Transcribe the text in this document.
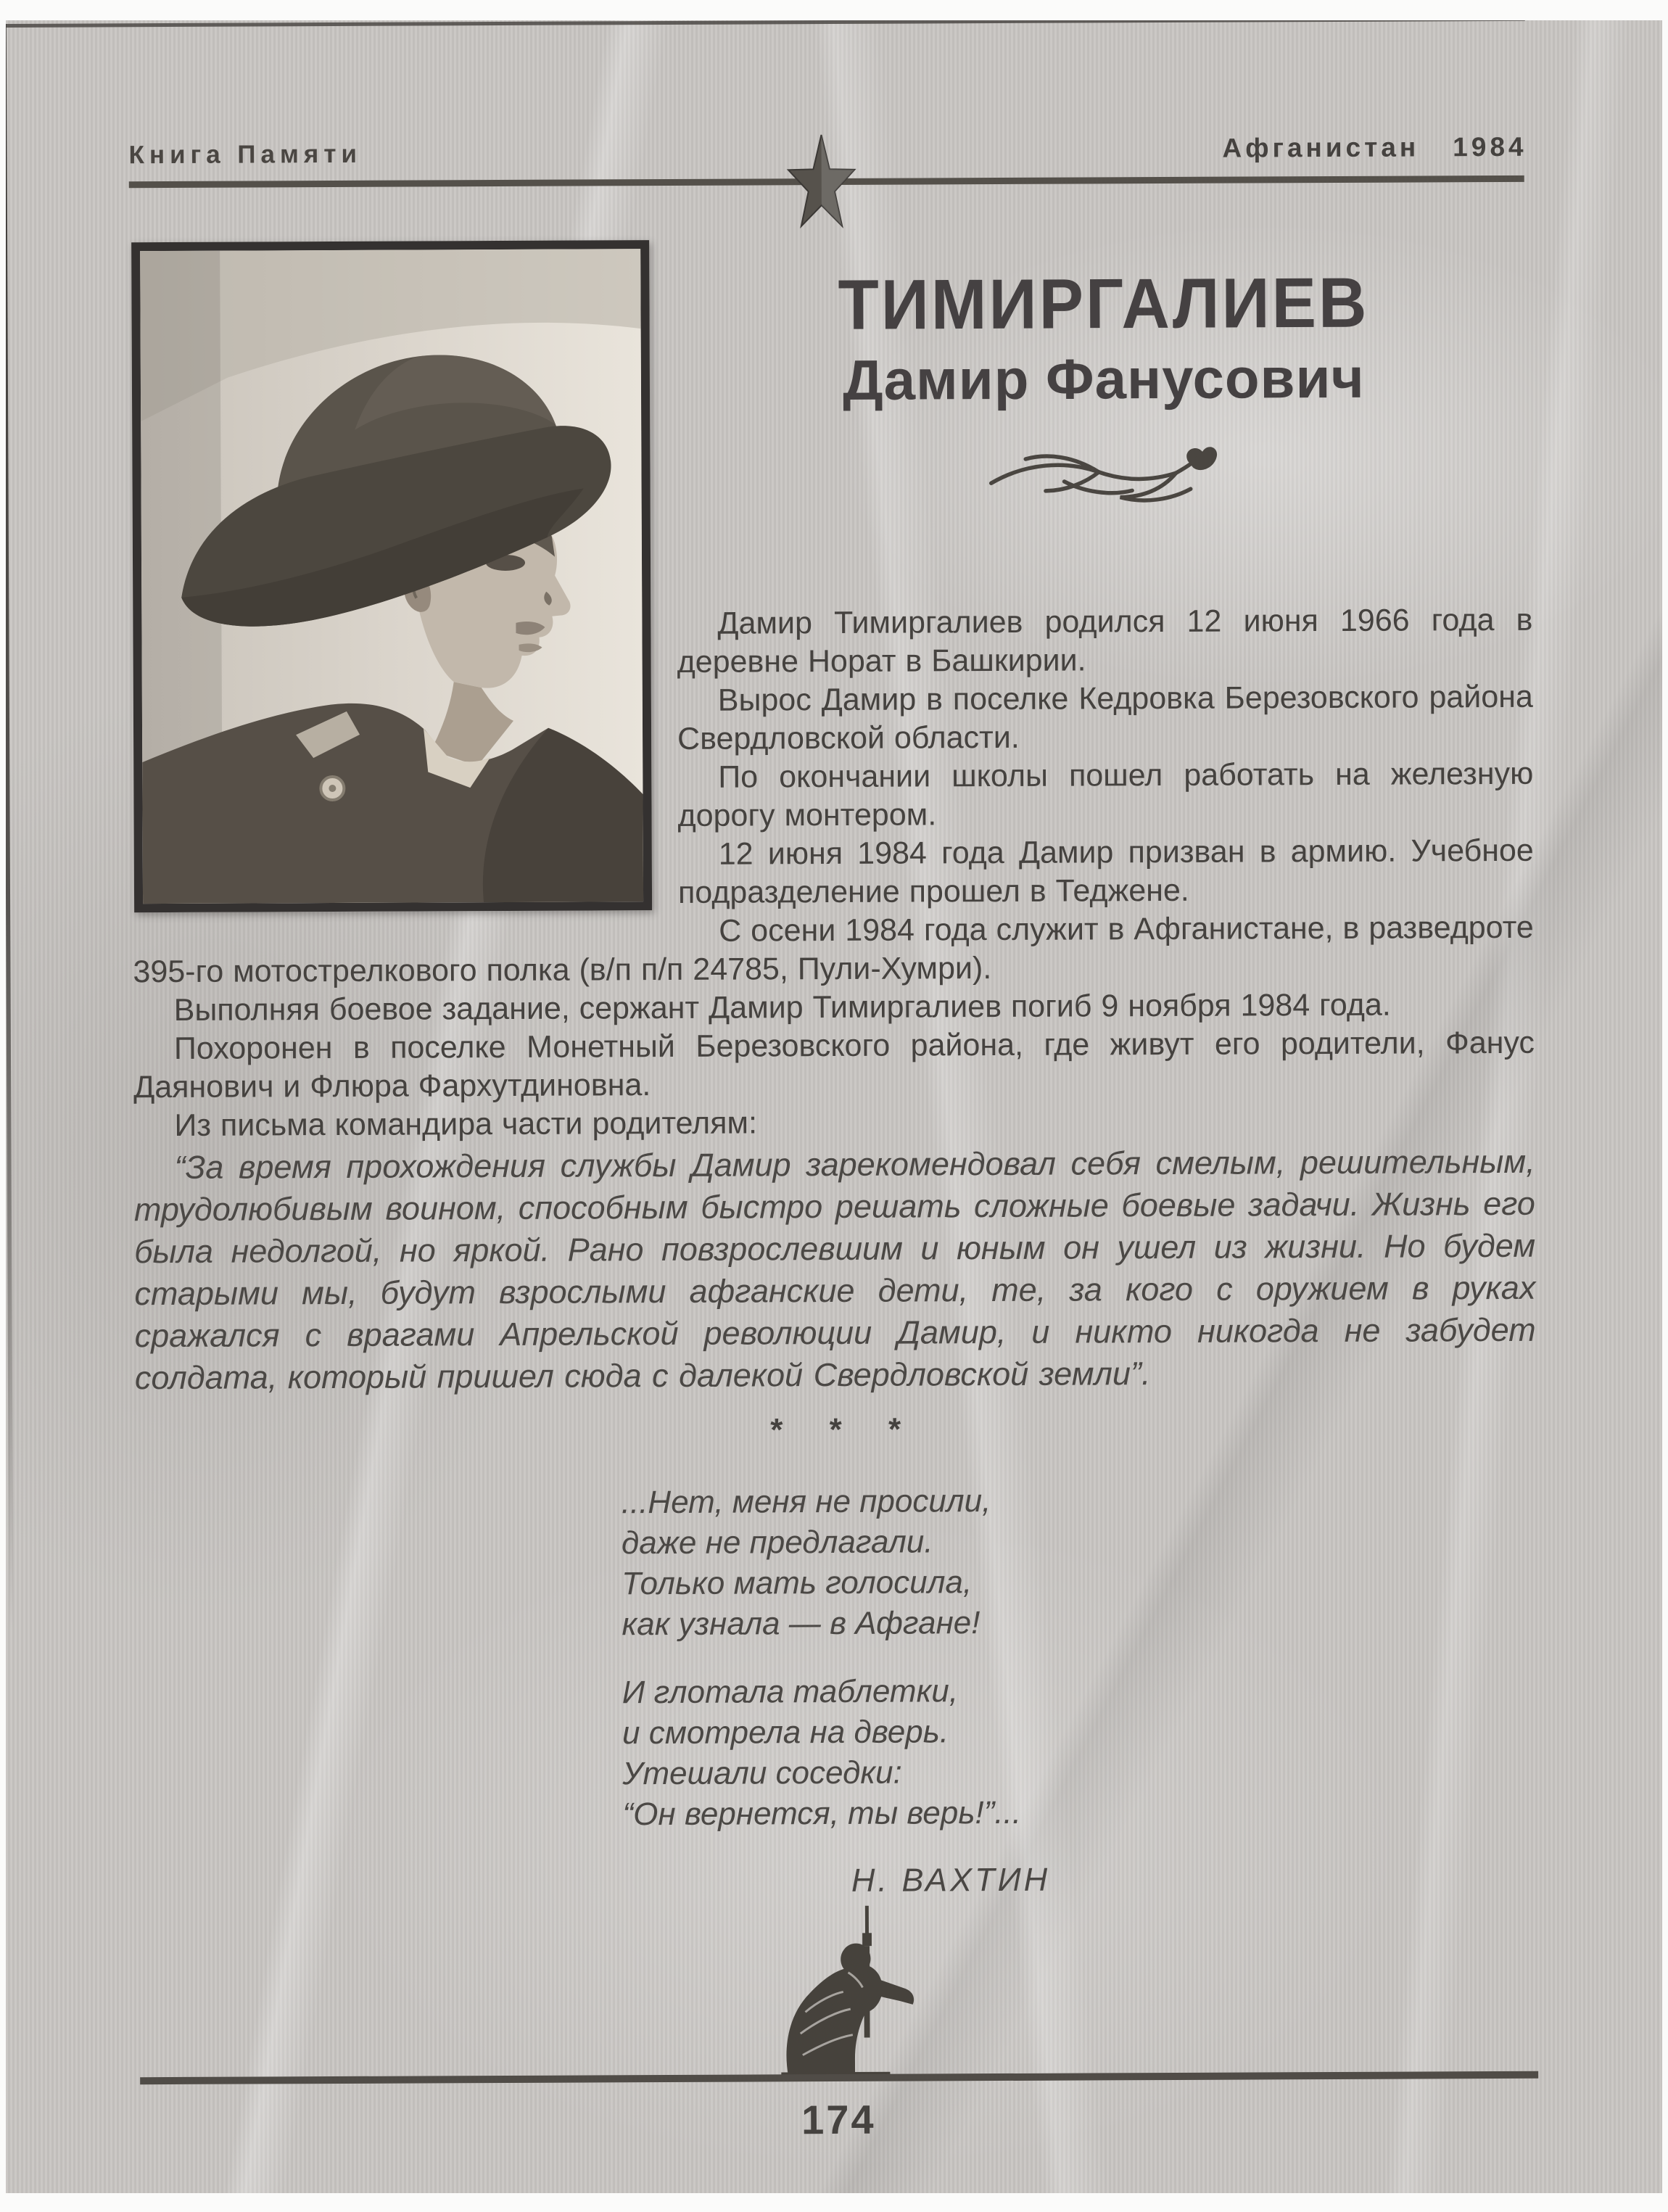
Книга Памяти	Афганистан 1984
ТИМИРГАЛИЕВ
Дамир Фанусович

Дамир Тимиргалиев родился 12 июня 1966 года в деревне Норат в Башкирии.

Вырос Дамир в поселке Кедровка Березовского района Свердловской области.

По окончании школы пошел работать на железную дорогу монтером.

12 июня 1984 года Дамир призван в армию. Учебное подразделение прошел в Теджене.

С осени 1984 года служит в Афганистане, в разведроте

395-го мотострелкового полка (в/п п/п 24785, Пули-Хумри).

Выполняя боевое задание, сержант Дамир Тимиргалиев погиб 9 ноября 1984 года.

Похоронен в поселке Монетный Березовского района, где живут его родители, Фанус Даянович и Флюра Фархутдиновна.

Из письма командира части родителям:

“За время прохождения службы Дамир зарекомендовал себя смелым, решительным, трудолюбивым воином, способным быстро решать сложные боевые задачи. Жизнь его была недолгой, но яркой. Рано повзрослевшим и юным он ушел из жизни. Но будем старыми мы, будут взрослыми афганские дети, те, за кого с оружием в руках сражался с врагами Апрельской революции Дамир, и никто никогда не забудет солдата, который пришел сюда с далекой Свердловской земли”.

* * *
...Нет, меня не просили,
даже не предлагали.
Только мать голосила,
как узнала — в Афгане!
И глотала таблетки,
и смотрела на дверь.
Утешали соседки:
“Он вернется, ты верь!”...
Н. ВАХТИН
174
